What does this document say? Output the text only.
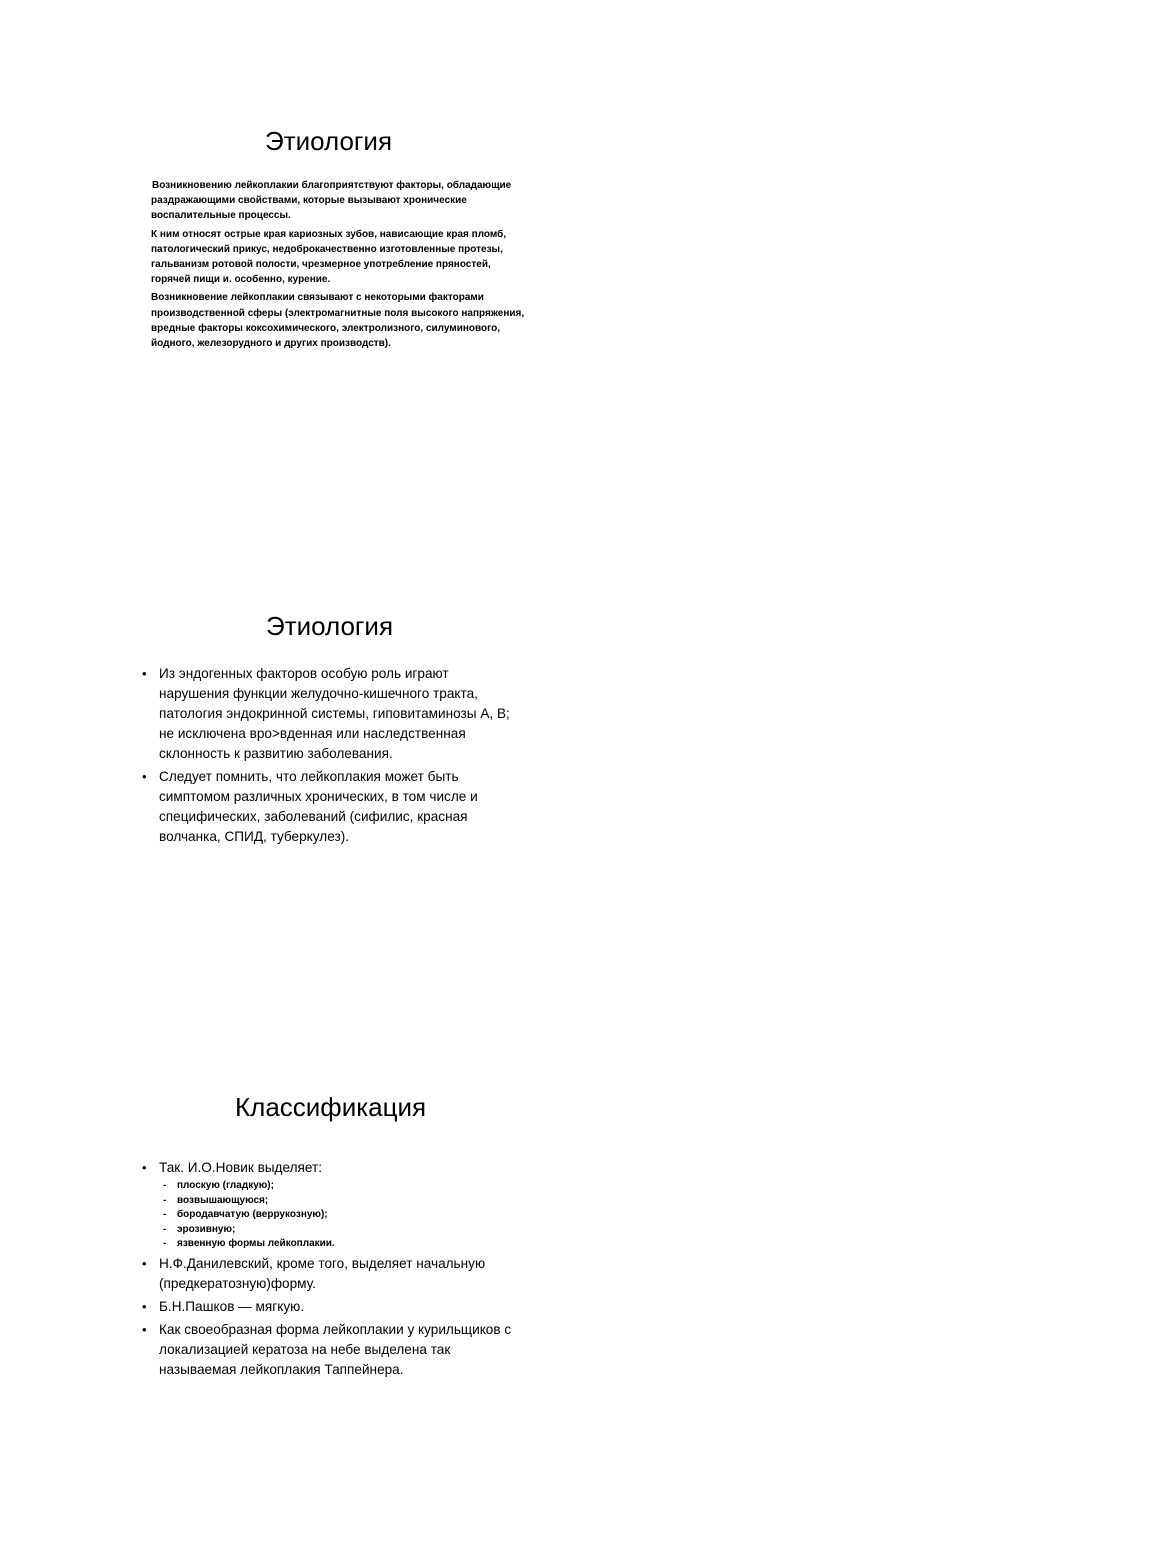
Этиология

Возникновению лейкоплакии благоприятствуют факторы, обладающие раздражающими свойствами, которые вызывают хронические воспалительные процессы.

К ним относят острые края кариозных зубов, нависающие края пломб, патологический прикус, недоброкачественно изготовленные протезы, гальванизм ротовой полости, чрезмерное употребление пряностей, горячей пищи и. особенно, курение.

Возникновение лейкоплакии связывают с некоторыми факторами производственной сферы (электромагнитные поля высокого напряжения, вредные факторы коксохимического, электролизного, силуминового, йодного, железорудного и других производств).

Этиология
• Из эндогенных факторов особую роль играют нарушения функции желудочно-кишечного тракта, патология эндокринной системы, гиповитаминозы А, В; не исключена вро>вденная или наследственная склонность к развитию заболевания.
• Следует помнить, что лейкоплакия может быть симптомом различных хронических, в том числе и специфических, заболеваний (сифилис, красная волчанка, СПИД, туберкулез).
Классификация
• Так. И.О.Новик выделяет:
- плоскую (гладкую);
- возвышающуюся;
- бородавчатую (веррукозную);
- эрозивную;
- язвенную формы лейкоплакии.
• Н.Ф.Данилевский, кроме того, выделяет начальную (предкератозную)форму.
• Б.Н.Пашков — мягкую.
• Как своеобразная форма лейкоплакии у курильщиков с локализацией кератоза на небе выделена так называемая лейкоплакия Таппейнера.
